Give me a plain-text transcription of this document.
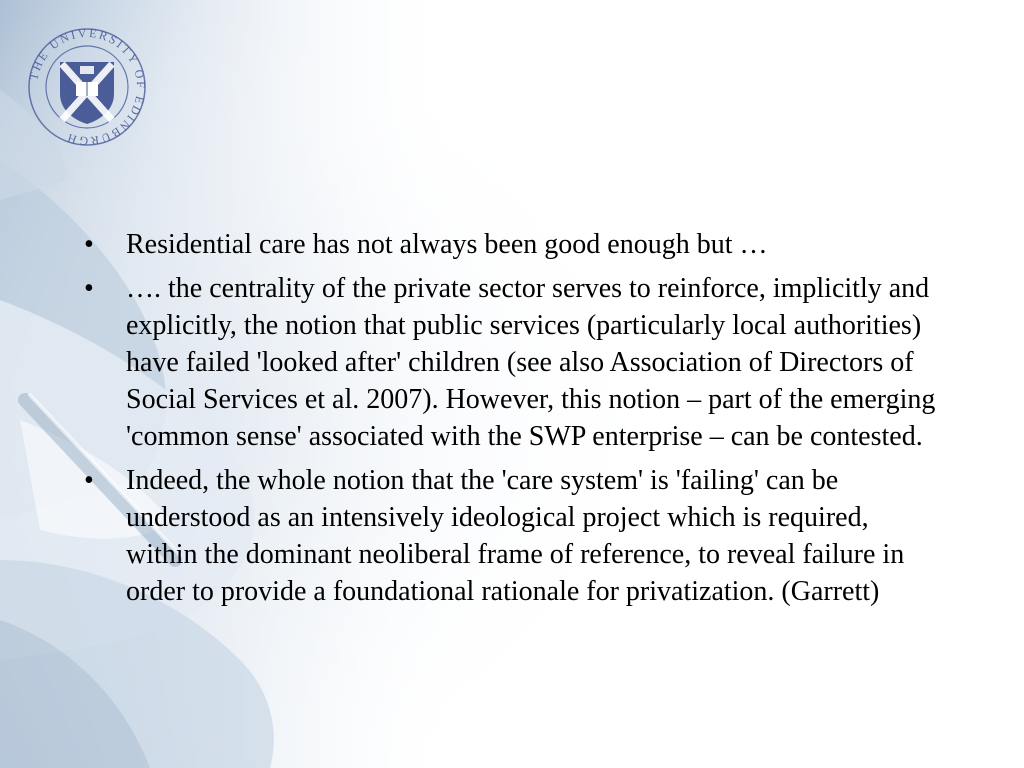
THE UNIVERSITY OF EDINBURGH
•	Residential care has not always been good enough but …
•	…. the centrality of the private sector serves to reinforce, implicitly and explicitly, the notion that public services (particularly local authorities) have failed 'looked after' children (see also Association of Directors of Social Services et al. 2007). However, this notion – part of the emerging 'common sense' associated with the SWP enterprise – can be contested.
•	Indeed, the whole notion that the 'care system' is 'failing' can be understood as an intensively ideological project which is required, within the dominant neoliberal frame of reference, to reveal failure in order to provide a foundational rationale for privatization. (Garrett)
